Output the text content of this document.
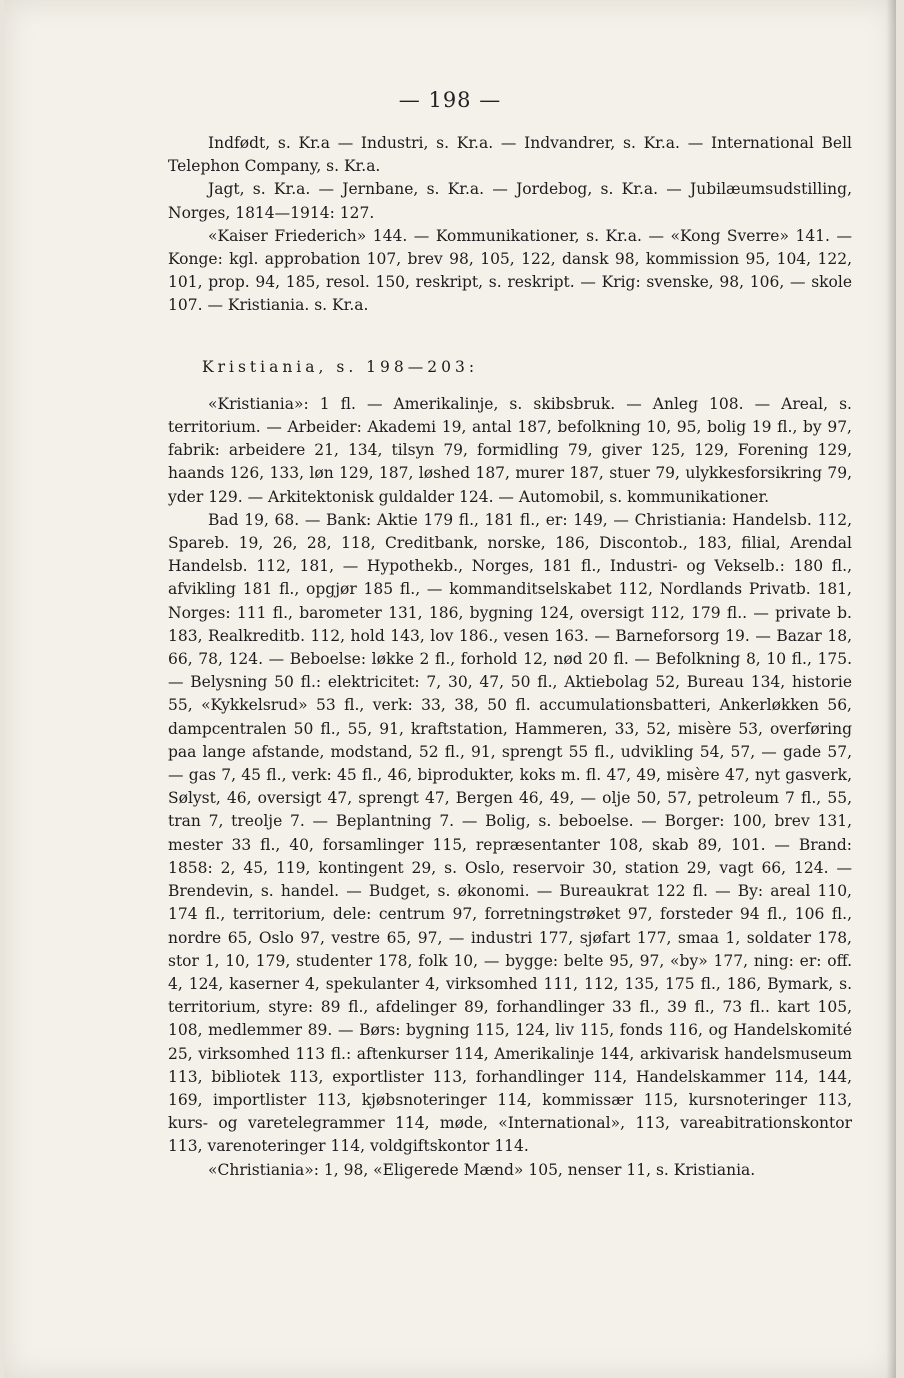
— 198 —

Indfødt, s. Kr.a — Industri, s. Kr.a. — Indvandrer, s. Kr.a. — International Bell Telephon Company, s. Kr.a.

Jagt, s. Kr.a. — Jernbane, s. Kr.a. — Jordebog, s. Kr.a. — Jubilæumsudstilling, Norges, 1814—1914: 127.

«Kaiser Friederich» 144. — Kommunikationer, s. Kr.a. — «Kong Sverre» 141. — Konge: kgl. approbation 107, brev 98, 105, 122, dansk 98, kommission 95, 104, 122, 101, prop. 94, 185, resol. 150, reskript, s. reskript. — Krig: svenske, 98, 106, — skole 107. — Kristiania. s. Kr.a.

Kristiania, s. 198—203:

«Kristiania»: 1 fl. — Amerikalinje, s. skibsbruk. — Anleg 108. — Areal, s. territorium. — Arbeider: Akademi 19, antal 187, befolkning 10, 95, bolig 19 fl., by 97, fabrik: arbeidere 21, 134, tilsyn 79, formidling 79, giver 125, 129, Forening 129, haands 126, 133, løn 129, 187, løshed 187, murer 187, stuer 79, ulykkesforsikring 79, yder 129. — Arkitektonisk guldalder 124. — Automobil, s. kommunikationer.

Bad 19, 68. — Bank: Aktie 179 fl., 181 fl., er: 149, — Christiania: Handelsb. 112, Spareb. 19, 26, 28, 118, Creditbank, norske, 186, Discontob., 183, filial, Arendal Handelsb. 112, 181, — Hypothekb., Norges, 181 fl., Industri- og Vekselb.: 180 fl., afvikling 181 fl., opgjør 185 fl., — kommanditselskabet 112, Nordlands Privatb. 181, Norges: 111 fl., barometer 131, 186, bygning 124, oversigt 112, 179 fl.. — private b. 183, Realkreditb. 112, hold 143, lov 186., vesen 163. — Barneforsorg 19. — Bazar 18, 66, 78, 124. — Beboelse: løkke 2 fl., forhold 12, nød 20 fl. — Befolkning 8, 10 fl., 175. — Belysning 50 fl.: elektricitet: 7, 30, 47, 50 fl., Aktiebolag 52, Bureau 134, historie 55, «Kykkelsrud» 53 fl., verk: 33, 38, 50 fl. accumulationsbatteri, Ankerløkken 56, dampcentralen 50 fl., 55, 91, kraftstation, Hammeren, 33, 52, misère 53, overføring paa lange afstande, modstand, 52 fl., 91, sprengt 55 fl., udvikling 54, 57, — gade 57, — gas 7, 45 fl., verk: 45 fl., 46, biprodukter, koks m. fl. 47, 49, misère 47, nyt gasverk, Sølyst, 46, oversigt 47, sprengt 47, Bergen 46, 49, — olje 50, 57, petroleum 7 fl., 55, tran 7, treolje 7. — Beplantning 7. — Bolig, s. beboelse. — Borger: 100, brev 131, mester 33 fl., 40, forsamlinger 115, repræsentanter 108, skab 89, 101. — Brand: 1858: 2, 45, 119, kontingent 29, s. Oslo, reservoir 30, station 29, vagt 66, 124. — Brendevin, s. handel. — Budget, s. økonomi. — Bureaukrat 122 fl. — By: areal 110, 174 fl., territorium, dele: centrum 97, forretningstrøket 97, forsteder 94 fl., 106 fl., nordre 65, Oslo 97, vestre 65, 97, — industri 177, sjøfart 177, smaa 1, soldater 178, stor 1, 10, 179, studenter 178, folk 10, — bygge: belte 95, 97, «by» 177, ning: er: off. 4, 124, kaserner 4, spekulanter 4, virksomhed 111, 112, 135, 175 fl., 186, Bymark, s. territorium, styre: 89 fl., afdelinger 89, forhandlinger 33 fl., 39 fl., 73 fl.. kart 105, 108, medlemmer 89. — Børs: bygning 115, 124, liv 115, fonds 116, og Handelskomité 25, virksomhed 113 fl.: aftenkurser 114, Amerikalinje 144, arkivarisk handelsmuseum 113, bibliotek 113, exportlister 113, forhandlinger 114, Handelskammer 114, 144, 169, importlister 113, kjøbsnoteringer 114, kommissær 115, kursnoteringer 113, kurs- og varetelegrammer 114, møde, «International», 113, vareabitrationskontor 113, varenoteringer 114, voldgiftskontor 114.

«Christiania»: 1, 98, «Eligerede Mænd» 105, nenser 11, s. Kristiania.
